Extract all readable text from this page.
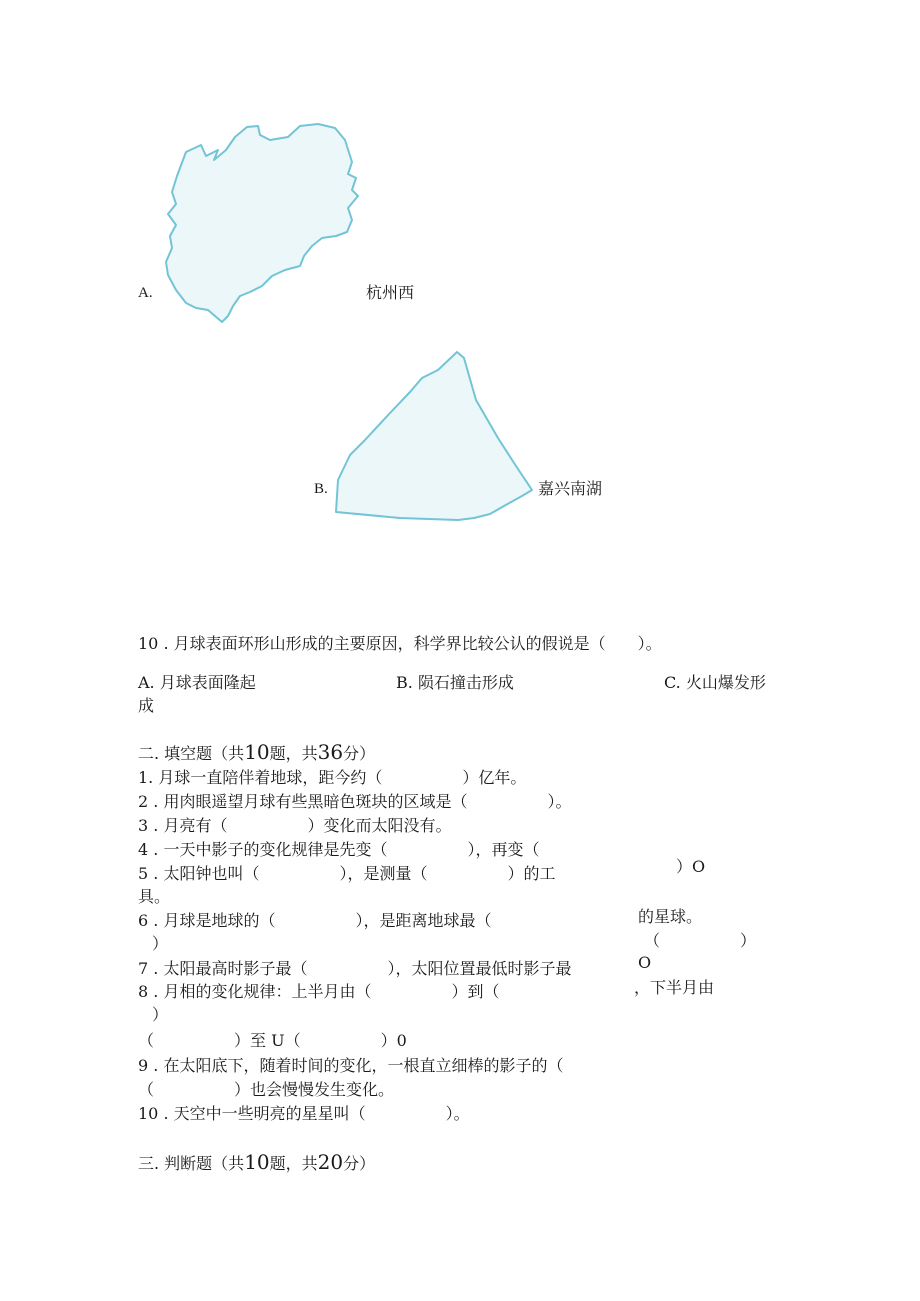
A.	杭州西
B.	嘉兴南湖
10 . 月球表面环形山形成的主要原因，科学界比较公认的假说是（　　）。
A. 月球表面隆起	B. 陨石撞击形成	C. 火山爆发形
成
二. 填空题（共10题，共36分）
1. 月球一直陪伴着地球，距今约（　　　　　）亿年。
2 . 用肉眼遥望月球有些黑暗色斑块的区域是（　　　　　）。
3 . 月亮有（　　　　　）变化而太阳没有。
4 . 一天中影子的变化规律是先变（　　　　　），再变（
）O
5 . 太阳钟也叫（　　　　　），是测量（　　　　　）的工
具。
6 . 月球是地球的（　　　　　），是距离地球最（	的星球。
）	（　　　　　）
7 . 太阳最高时影子最（　　　　　），太阳位置最低时影子最	O
8 . 月相的变化规律：上半月由（　　　　　）到（	，下半月由
）
（　　　　　）至 U（　　　　　）0
9 . 在太阳底下，随着时间的变化，一根直立细棒的影子的（
（　　　　　）也会慢慢发生变化。
10 . 天空中一些明亮的星星叫（　　　　　）。
三. 判断题（共10题，共20分）
